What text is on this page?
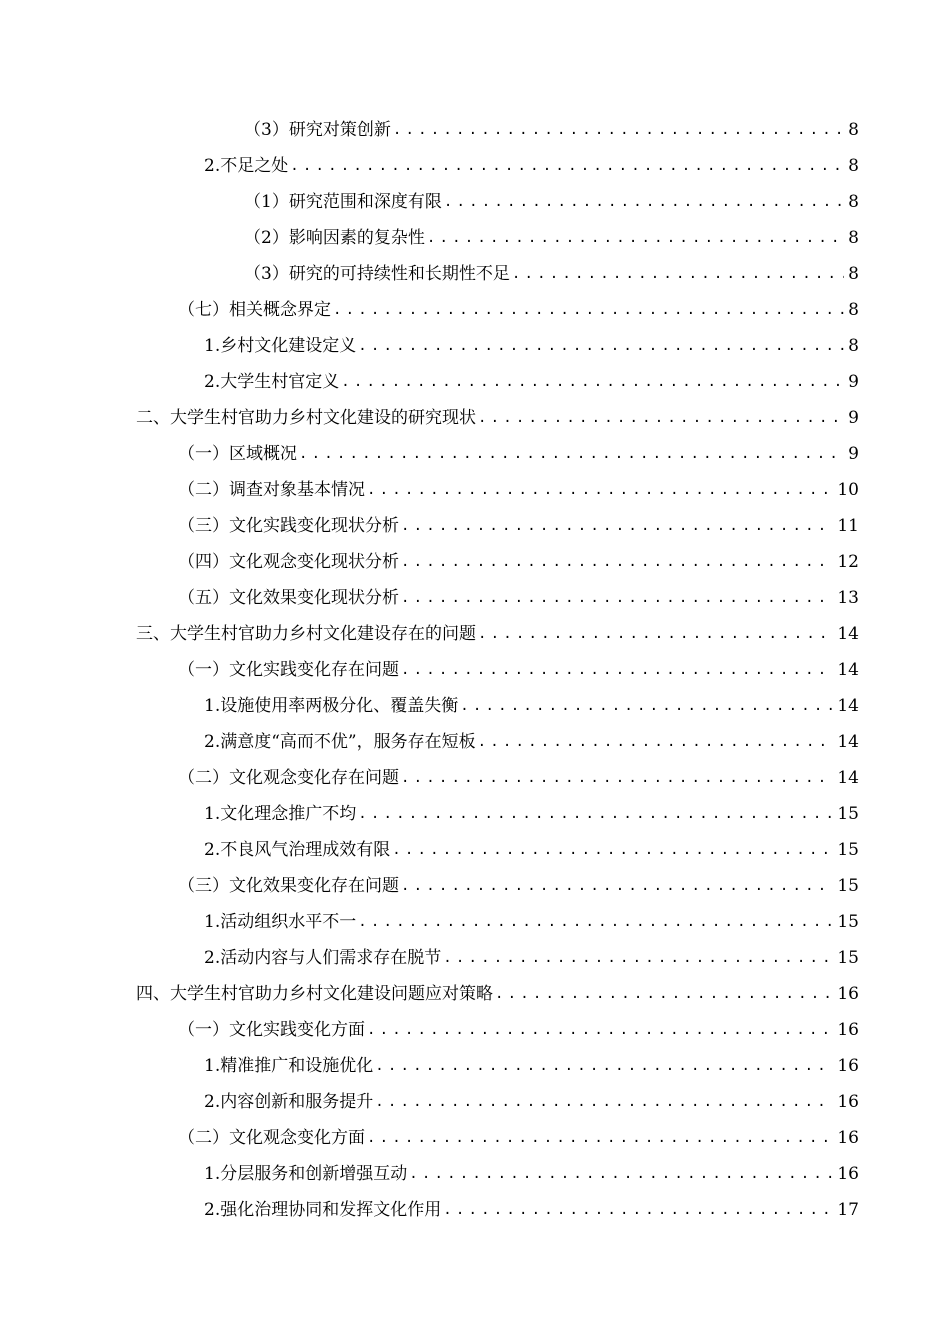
（3）研究对策创新 .....	8
2.不足之处 .....	8
（1）研究范围和深度有限 .....	8
（2）影响因素的复杂性 .....	8
（3）研究的可持续性和长期性不足 .....	8
（七）相关概念界定 .....	8
1.乡村文化建设定义 .....	8
2.大学生村官定义 .....	9
二、大学生村官助力乡村文化建设的研究现状 .....	9
（一）区域概况 .....	9
（二）调查对象基本情况 .....	10
（三）文化实践变化现状分析 .....	11
（四）文化观念变化现状分析 .....	12
（五）文化效果变化现状分析 .....	13
三、大学生村官助力乡村文化建设存在的问题 .....	14
（一）文化实践变化存在问题 .....	14
1.设施使用率两极分化、覆盖失衡 .....	14
2.满意度“高而不优”，服务存在短板 .....	14
（二）文化观念变化存在问题 .....	14
1.文化理念推广不均 .....	15
2.不良风气治理成效有限 .....	15
（三）文化效果变化存在问题 .....	15
1.活动组织水平不一 .....	15
2.活动内容与人们需求存在脱节 .....	15
四、大学生村官助力乡村文化建设问题应对策略 .....	16
（一）文化实践变化方面 .....	16
1.精准推广和设施优化 .....	16
2.内容创新和服务提升 .....	16
（二）文化观念变化方面 .....	16
1.分层服务和创新增强互动 .....	16
2.强化治理协同和发挥文化作用 .....	17
